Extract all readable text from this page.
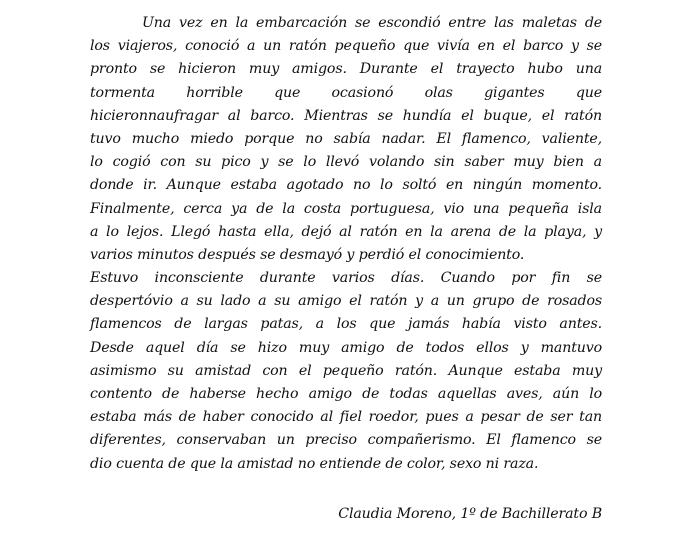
Una vez en la embarcación se escondió entre las maletas de
los viajeros, conoció a un ratón pequeño que vivía en el barco y se
pronto se hicieron muy amigos. Durante el trayecto hubo una
tormenta horrible que ocasionó olas gigantes que
hicieronnaufragar al barco. Mientras se hundía el buque, el ratón
tuvo mucho miedo porque no sabía nadar. El flamenco, valiente,
lo cogió con su pico y se lo llevó volando sin saber muy bien a
donde ir. Aunque estaba agotado no lo soltó en ningún momento.
Finalmente, cerca ya de la costa portuguesa, vio una pequeña isla
a lo lejos. Llegó hasta ella, dejó al ratón en la arena de la playa, y
varios minutos después se desmayó y perdió el conocimiento.
Estuvo inconsciente durante varios días. Cuando por fin se
despertóvio a su lado a su amigo el ratón y a un grupo de rosados
flamencos de largas patas, a los que jamás había visto antes.
Desde aquel día se hizo muy amigo de todos ellos y mantuvo
asimismo su amistad con el pequeño ratón. Aunque estaba muy
contento de haberse hecho amigo de todas aquellas aves, aún lo
estaba más de haber conocido al fiel roedor, pues a pesar de ser tan
diferentes, conservaban un preciso compañerismo. El flamenco se
dio cuenta de que la amistad no entiende de color, sexo ni raza.
Claudia Moreno, 1º de Bachillerato B
